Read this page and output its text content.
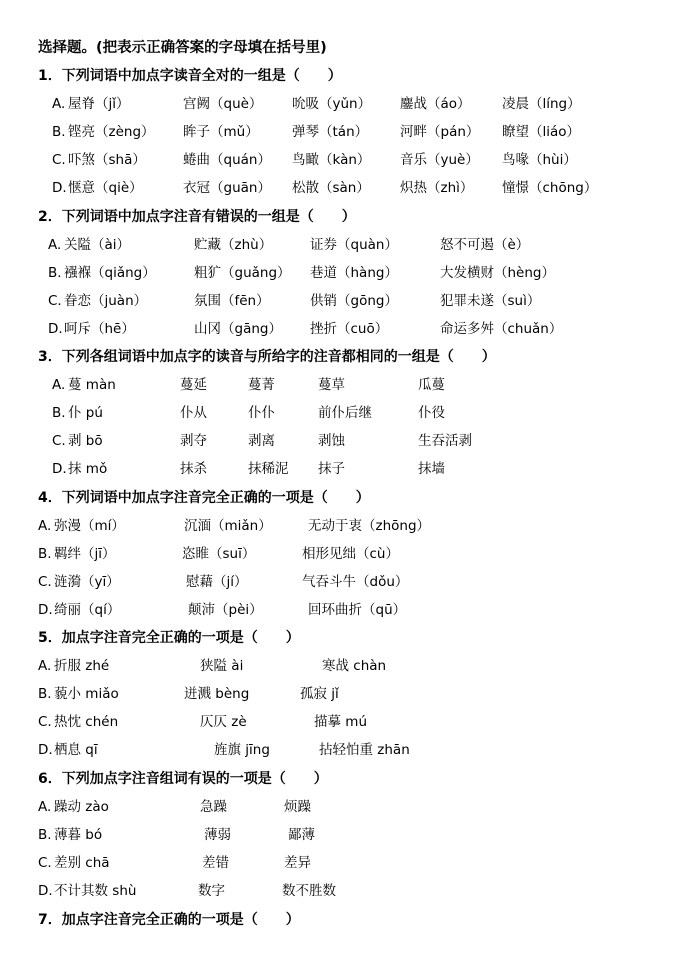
选择题。(把表示正确答案的字母填在括号里)
1．下列词语中加点字读音全对的一组是（　　）
A. 屋脊（jǐ）	宫阙（què） 吮吸（yǔn） 鏖战（áo） 凌晨（líng）
B. 铿亮（zèng） 眸子（mǔ） 弹琴（tán） 河畔（pán） 瞭望（liáo）
C. 吓煞（shā）	蜷曲（quán） 鸟瞰（kàn） 音乐（yuè） 鸟喙（hùi）
D. 惬意（qiè）	衣冠（guān） 松散（sàn） 炽热（zhì） 憧憬（chōng）
2．下列词语中加点字注音有错误的一组是（　　）
A. 关隘（ài）	贮藏（zhù）	证券（quàn）	怒不可遏（è）
B. 襁褓（qiǎng）	粗犷（guǎng） 巷道（hàng）	大发横财（hèng）
C. 眷恋（juàn）	氛围（fēn）	供销（gōng）	犯罪未遂（suì）
D. 呵斥（hē）	山冈（gāng） 挫折（cuō）	命运多舛（chuǎn）
3．下列各组词语中加点字的读音与所给字的注音都相同的一组是（　　）
A. 蔓 màn	蔓延	蔓菁	蔓草	瓜蔓
B. 仆 pú	仆从	仆仆	前仆后继	仆役
C. 剥 bō	剥夺	剥离	剥蚀	生吞活剥
D. 抹 mǒ	抹杀	抹稀泥 抹子	抹墙
4．下列词语中加点字注音完全正确的一项是（　　）
A. 弥漫（mí）	沉湎（miǎn）	无动于衷（zhōng）
B. 羁绊（jī）	恣睢（suī）	相形见绌（cù）
C. 涟漪（yī）	慰藉（jí）	气吞斗牛（dǒu）
D. 绮丽（qí）	颠沛（pèi）	回环曲折（qū）
5．加点字注音完全正确的一项是（　　）
A. 折服 zhé	狭隘 ài	寒战 chàn
B. 藐小 miǎo	迸溅 bèng	孤寂 jǐ
C. 热忱 chén	仄仄 zè	描摹 mú
D. 栖息 qī	旌旗 jīng	拈轻怕重 zhān
6．下列加点字注音组词有误的一项是（　　）
A. 躁动 zào	急躁	烦躁
B. 薄暮 bó	薄弱	鄙薄
C. 差别 chā	差错	差异
D. 不计其数 shù	数字	数不胜数
7．加点字注音完全正确的一项是（　　）
